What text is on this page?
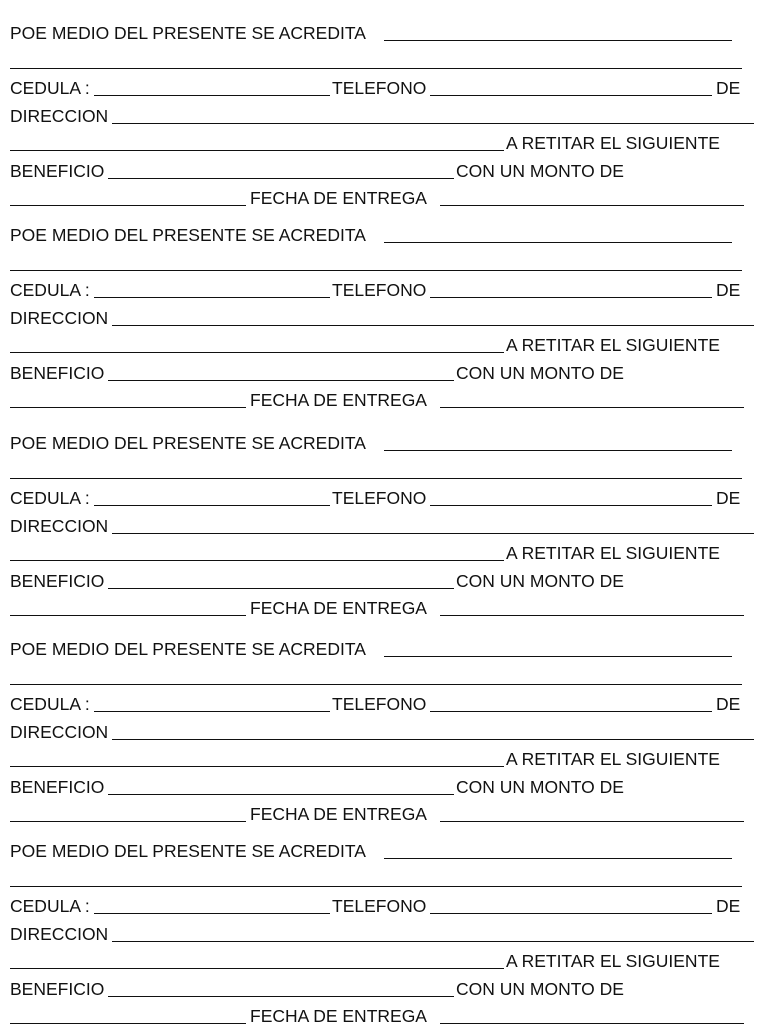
POE MEDIO DEL PRESENTE SE ACREDITA
CEDULA :	TELEFONO	DE
DIRECCION
A RETITAR EL SIGUIENTE
BENEFICIO	CON UN MONTO DE
FECHA DE ENTREGA
POE MEDIO DEL PRESENTE SE ACREDITA
CEDULA :	TELEFONO	DE
DIRECCION
A RETITAR EL SIGUIENTE
BENEFICIO	CON UN MONTO DE
FECHA DE ENTREGA
POE MEDIO DEL PRESENTE SE ACREDITA
CEDULA :	TELEFONO	DE
DIRECCION
A RETITAR EL SIGUIENTE
BENEFICIO	CON UN MONTO DE
FECHA DE ENTREGA
POE MEDIO DEL PRESENTE SE ACREDITA
CEDULA :	TELEFONO	DE
DIRECCION
A RETITAR EL SIGUIENTE
BENEFICIO	CON UN MONTO DE
FECHA DE ENTREGA
POE MEDIO DEL PRESENTE SE ACREDITA
CEDULA :	TELEFONO	DE
DIRECCION
A RETITAR EL SIGUIENTE
BENEFICIO	CON UN MONTO DE
FECHA DE ENTREGA
